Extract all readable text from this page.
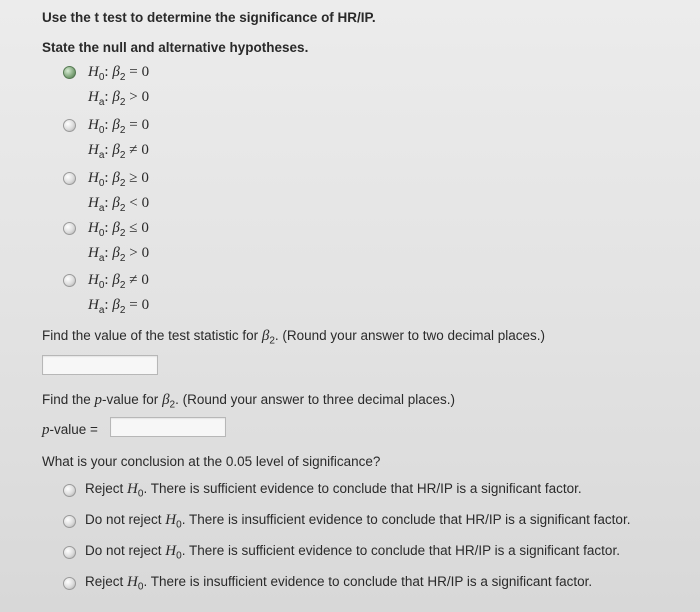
Use the t test to determine the significance of HR/IP.
State the null and alternative hypotheses.
$H_0$: $\beta_2 = 0$
$H_a$: $\beta_2 > 0$
$H_0$: $\beta_2 = 0$
$H_a$: $\beta_2 \ne 0$
$H_0$: $\beta_2 \ge 0$
$H_a$: $\beta_2 < 0$
$H_0$: $\beta_2 \le 0$
$H_a$: $\beta_2 > 0$
$H_0$: $\beta_2 \ne 0$
$H_a$: $\beta_2 = 0$
Find the value of the test statistic for $\beta_2$. (Round your answer to two decimal places.)
Find the p-value for $\beta_2$. (Round your answer to three decimal places.)
p-value =
What is your conclusion at the 0.05 level of significance?
Reject $H_0$. There is sufficient evidence to conclude that HR/IP is a significant factor.
Do not reject $H_0$. There is insufficient evidence to conclude that HR/IP is a significant factor.
Do not reject $H_0$. There is sufficient evidence to conclude that HR/IP is a significant factor.
Reject $H_0$. There is insufficient evidence to conclude that HR/IP is a significant factor.
